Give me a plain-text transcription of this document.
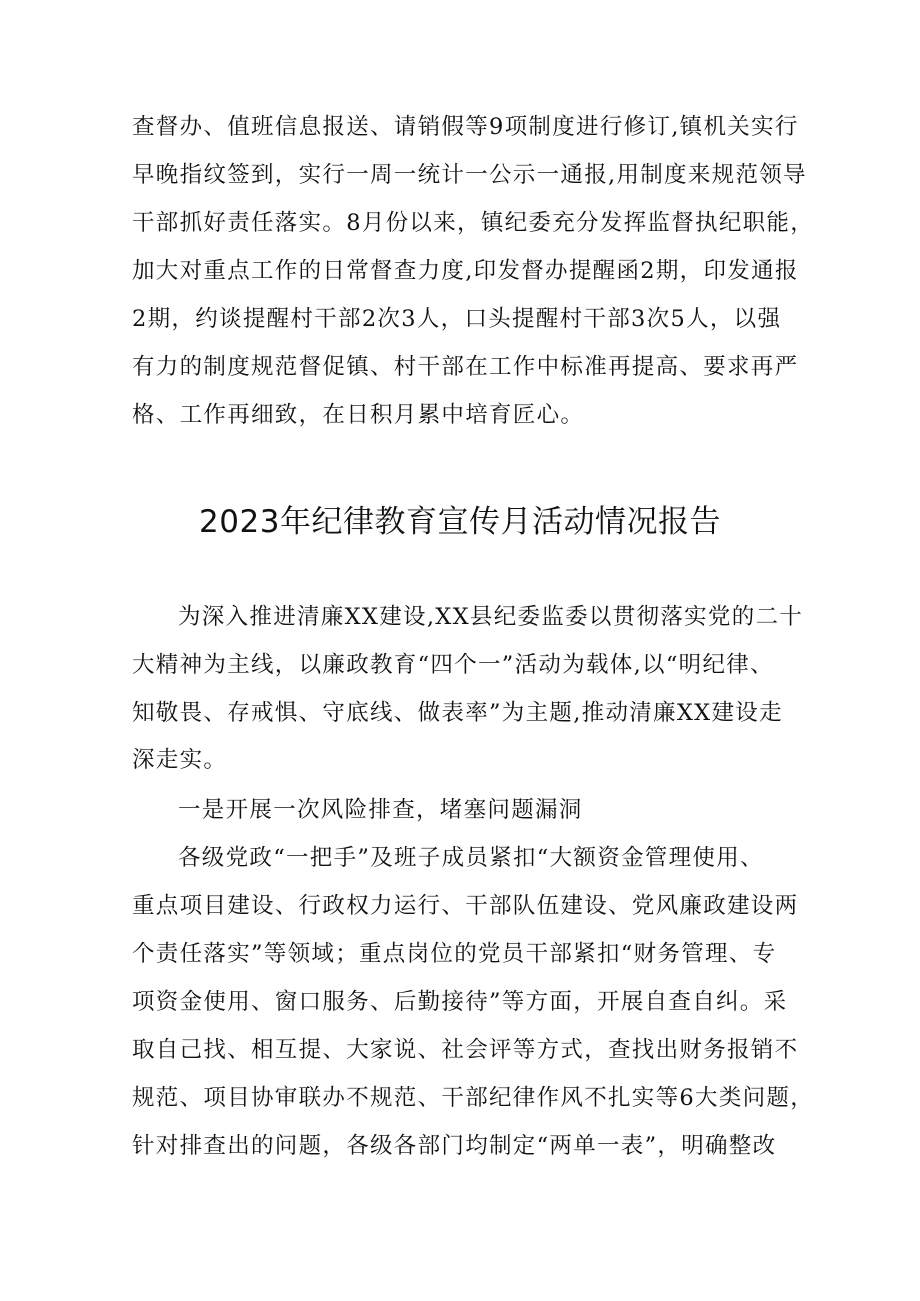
查督办、值班信息报送、请销假等9项制度进行修订,镇机关实行
早晚指纹签到，实行一周一统计一公示一通报,用制度来规范领导
干部抓好责任落实。8月份以来，镇纪委充分发挥监督执纪职能，
加大对重点工作的日常督查力度,印发督办提醒函2期，印发通报
2期，约谈提醒村干部2次3人，口头提醒村干部3次5人，以强
有力的制度规范督促镇、村干部在工作中标准再提高、要求再严
格、工作再细致，在日积月累中培育匠心。
2023年纪律教育宣传月活动情况报告
为深入推进清廉XX建设,XX县纪委监委以贯彻落实党的二十
大精神为主线，以廉政教育“四个一”活动为载体,以“明纪律、
知敬畏、存戒惧、守底线、做表率”为主题,推动清廉XX建设走
深走实。
一是开展一次风险排查，堵塞问题漏洞
各级党政“一把手”及班子成员紧扣“大额资金管理使用、
重点项目建设、行政权力运行、干部队伍建设、党风廉政建设两
个责任落实”等领域；重点岗位的党员干部紧扣“财务管理、专
项资金使用、窗口服务、后勤接待”等方面，开展自查自纠。采
取自己找、相互提、大家说、社会评等方式，查找出财务报销不
规范、项目协审联办不规范、干部纪律作风不扎实等6大类问题，
针对排查出的问题，各级各部门均制定“两单一表”，明确整改
